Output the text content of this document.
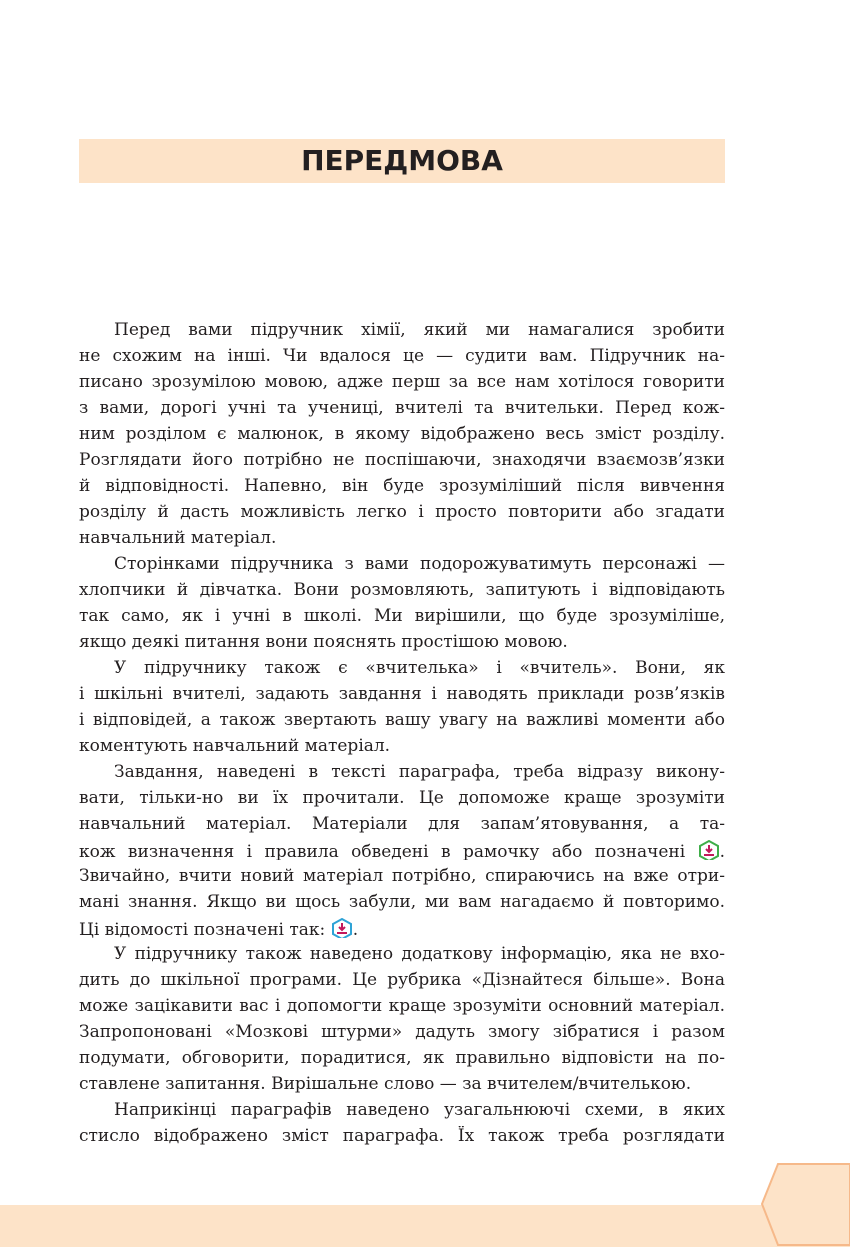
ПЕРЕДМОВА
Перед вами підручник хімії, який ми намагалися зробити
не схожим на інші. Чи вдалося це — судити вам. Підручник на-
писано зрозумілою мовою, адже перш за все нам хотілося говорити
з вами, дорогі учні та учениці, вчителі та вчительки. Перед кож-
ним розділом є малюнок, в якому відображено весь зміст розділу.
Розглядати його потрібно не поспішаючи, знаходячи взаємозв’язки
й відповідності. Напевно, він буде зрозуміліший після вивчення
розділу й дасть можливість легко і просто повторити або згадати
навчальний матеріал.
Сторінками підручника з вами подорожуватимуть персонажі —
хлопчики й дівчатка. Вони розмовляють, запитують і відповідають
так само, як і учні в школі. Ми вирішили, що буде зрозуміліше,
якщо деякі питання вони пояснять простішою мовою.
У підручнику також є «вчителька» і «вчитель». Вони, як
і шкільні вчителі, задають завдання і наводять приклади розв’язків
і відповідей, а також звертають вашу увагу на важливі моменти або
коментують навчальний матеріал.
Завдання, наведені в тексті параграфа, треба відразу викону-
вати, тільки-но ви їх прочитали. Це допоможе краще зрозуміти
навчальний матеріал. Матеріали для запам’ятовування, а та-
кож визначення і правила обведені в рамочку або позначені .
Звичайно, вчити новий матеріал потрібно, спираючись на вже отри-
мані знання. Якщо ви щось забули, ми вам нагадаємо й повторимо.
Ці відомості позначені так: .
У підручнику також наведено додаткову інформацію, яка не вхо-
дить до шкільної програми. Це рубрика «Дізнайтеся більше». Вона
може зацікавити вас і допомогти краще зрозуміти основний матеріал.
Запропоновані «Мозкові штурми» дадуть змогу зібратися і разом
подумати, обговорити, порадитися, як правильно відповісти на по-
ставлене запитання. Вирішальне слово — за вчителем/вчителькою.
Наприкінці параграфів наведено узагальнюючі схеми, в яких
стисло відображено зміст параграфа. Їх також треба розглядати
